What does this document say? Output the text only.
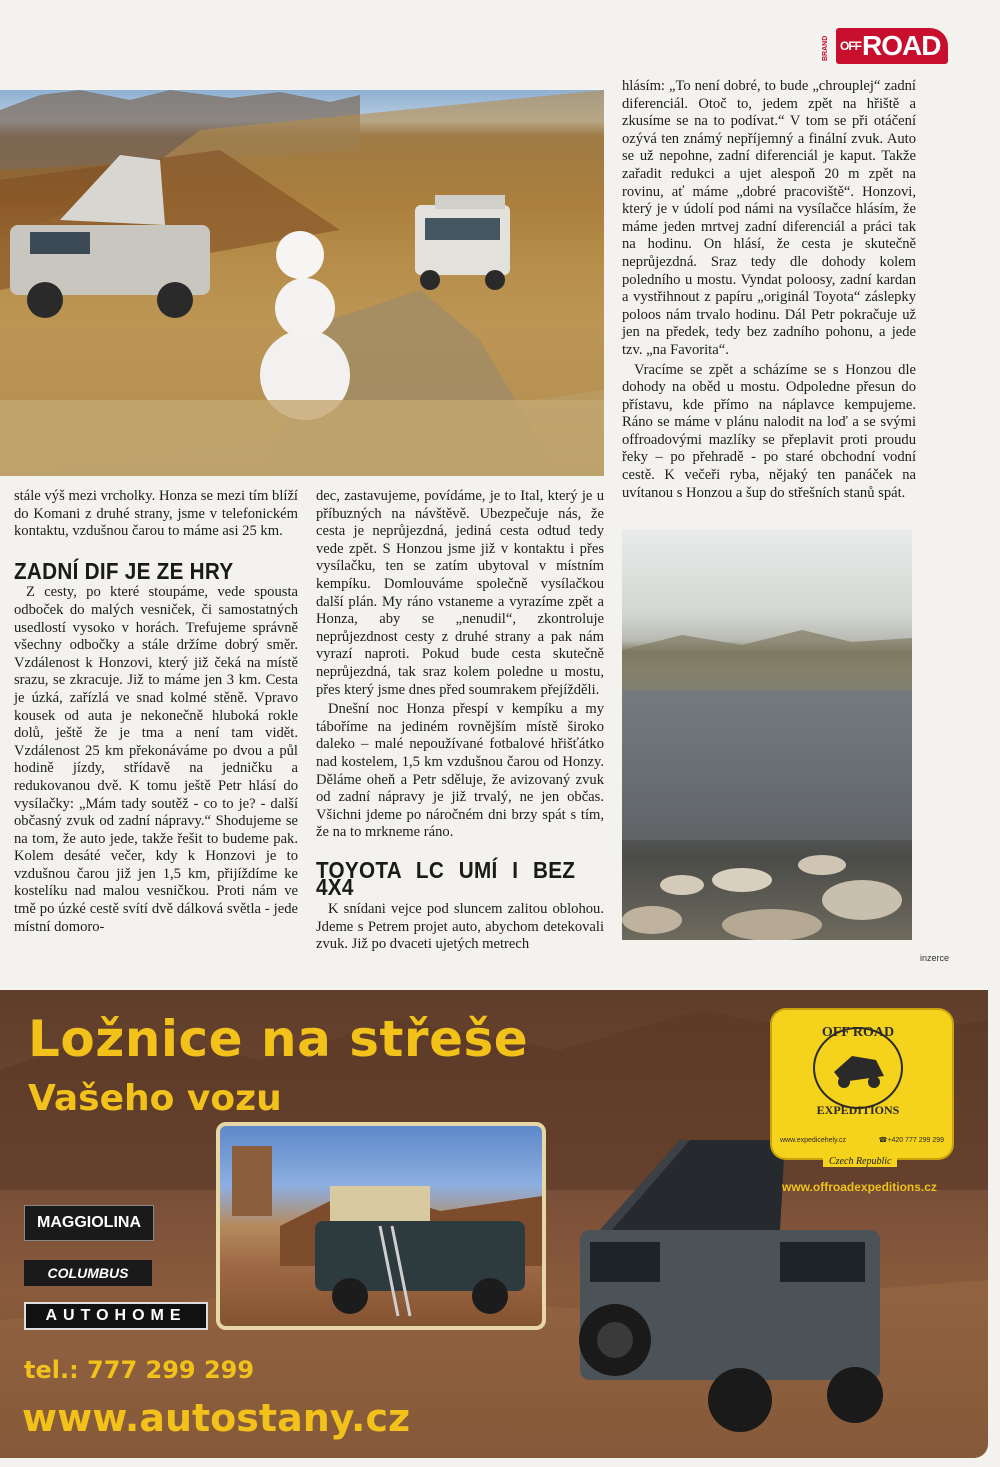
BRAND $^{OFF}$ROAD

stále výš mezi vrcholky. Honza se mezi tím blíží do Komani z druhé strany, jsme v telefonickém kontaktu, vzdušnou čarou to máme asi 25 km.

ZADNÍ DIF JE ZE HRY

Z cesty, po které stoupáme, vede spousta odboček do malých vesniček, či samostatných usedlostí vysoko v horách. Trefujeme správně všechny odbočky a stále držíme dobrý směr. Vzdálenost k Honzovi, který již čeká na místě srazu, se zkracuje. Již to máme jen 3 km. Cesta je úzká, zařízlá ve snad kolmé stěně. Vpravo kousek od auta je nekonečně hluboká rokle dolů, ještě že je tma a není tam vidět. Vzdálenost 25 km překonáváme po dvou a půl hodině jízdy, střídavě na jedničku a redukovanou dvě. K tomu ještě Petr hlásí do vysílačky: „Mám tady soutěž - co to je? - další občasný zvuk od zadní nápravy.“ Shodujeme se na tom, že auto jede, takže řešit to budeme pak. Kolem desáté večer, kdy k Honzovi je to vzdušnou čarou již jen 1,5 km, přijíždíme ke kostelíku nad malou vesničkou. Proti nám ve tmě po úzké cestě svítí dvě dálková světla - jede místní domoro-

dec, zastavujeme, povídáme, je to Ital, který je u příbuzných na návštěvě. Ubezpečuje nás, že cesta je neprůjezdná, jediná cesta odtud tedy vede zpět. S Honzou jsme již v kontaktu i přes vysílačku, ten se zatím ubytoval v místním kempíku. Domlouváme společně vysílačkou další plán. My ráno vstaneme a vyrazíme zpět a Honza, aby se „nenudil“, zkontroluje neprůjezdnost cesty z druhé strany a pak nám vyrazí naproti. Pokud bude cesta skutečně neprůjezdná, tak sraz kolem poledne u mostu, přes který jsme dnes před soumrakem přejížděli.

Dnešní noc Honza přespí v kempíku a my táboříme na jediném rovnějším místě široko daleko – malé nepoužívané fotbalové hřišťátko nad kostelem, 1,5 km vzdušnou čarou od Honzy. Děláme oheň a Petr sděluje, že avizovaný zvuk od zadní nápravy je již trvalý, ne jen občas. Všichni jdeme po náročném dni brzy spát s tím, že na to mrkneme ráno.

TOYOTA LC UMÍ I BEZ 4X4

K snídani vejce pod sluncem zalitou oblohou. Jdeme s Petrem projet auto, abychom detekovali zvuk. Již po dvaceti ujetých metrech

hlásím: „To není dobré, to bude „chrouplej“ zadní diferenciál. Otoč to, jedem zpět na hřiště a zkusíme se na to podívat.“ V tom se při otáčení ozývá ten známý nepříjemný a finální zvuk. Auto se už nepohne, zadní diferenciál je kaput. Takže zařadit redukci a ujet alespoň 20 m zpět na rovinu, ať máme „dobré pracoviště“. Honzovi, který je v údolí pod námi na vysílačce hlásím, že máme jeden mrtvej zadní diferenciál a práci tak na hodinu. On hlásí, že cesta je skutečně neprůjezdná. Sraz tedy dle dohody kolem poledního u mostu. Vyndat poloosy, zadní kardan a vystřihnout z papíru „originál Toyota“ záslepky poloos nám trvalo hodinu. Dál Petr pokračuje už jen na předek, tedy bez zadního pohonu, a jede tzv. „na Favorita“.

Vracíme se zpět a scházíme se s Honzou dle dohody na oběd u mostu. Odpoledne přesun do přístavu, kde přímo na náplavce kempujeme. Ráno se máme v plánu nalodit na loď a se svými offroadovými mazlíky se přeplavit proti proudu řeky – po přehradě - po staré obchodní vodní cestě. K večeři ryba, nějaký ten panáček na uvítanou s Honzou a šup do střešních stanů spát.

inzerce
Ložnice na střeše
Vašeho vozu
MAGGIOLINA
COLUMBUS
AUTOHOME
tel.: 777 299 299
www.autostany.cz
OFF ROAD
EXPEDITIONS
www.expedicehely.cz	☎+420 777 299 299
Czech Republic
www.offroadexpeditions.cz
